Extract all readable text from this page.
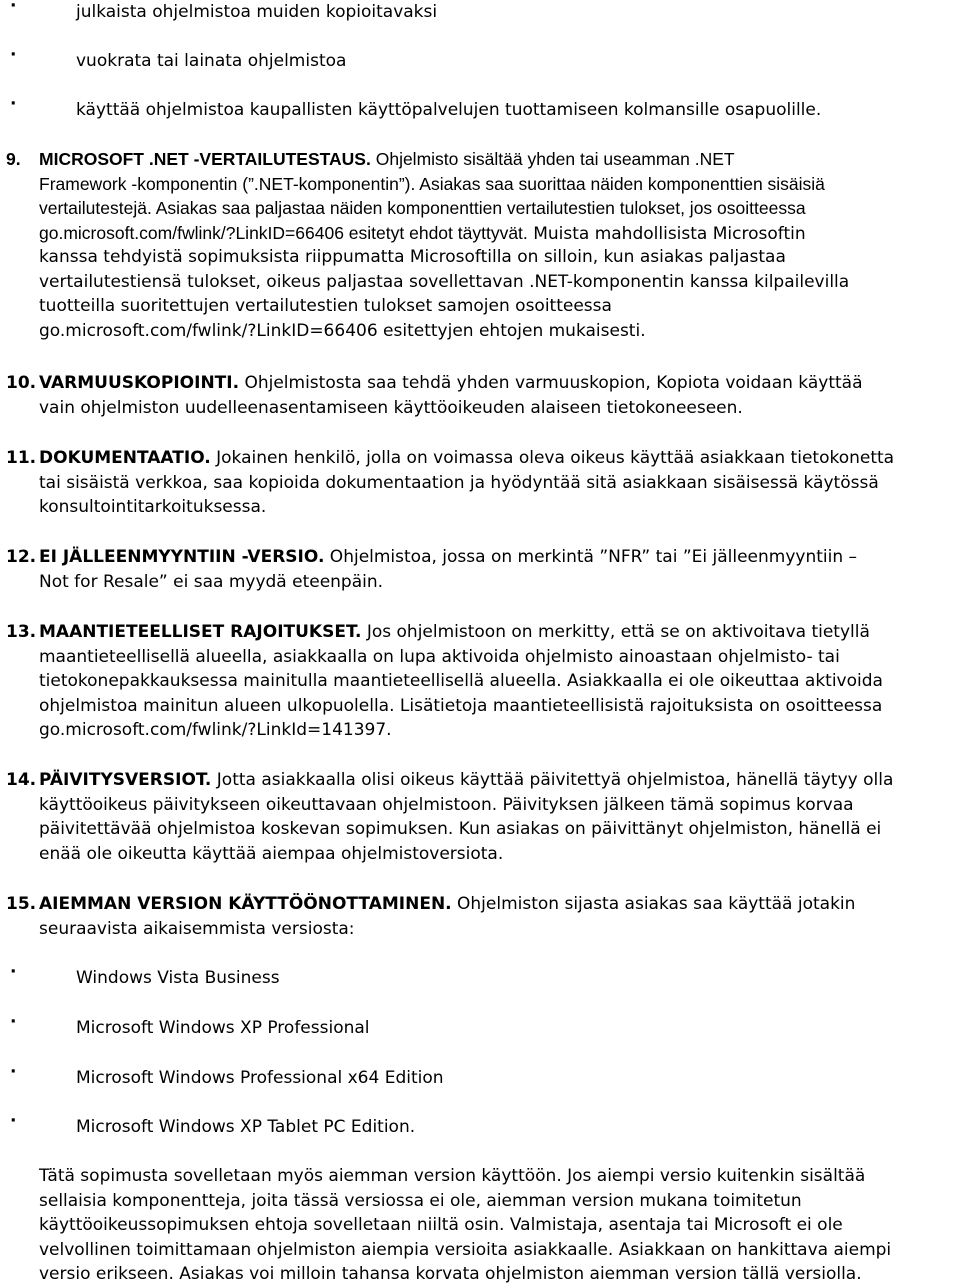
·	julkaista ohjelmistoa muiden kopioitavaksi
·	vuokrata tai lainata ohjelmistoa
·	käyttää ohjelmistoa kaupallisten käyttöpalvelujen tuottamiseen kolmansille osapuolille.
9. MICROSOFT .NET -VERTAILUTESTAUS. Ohjelmisto sisältää yhden tai useamman .NET
Framework -komponentin (”.NET-komponentin”). Asiakas saa suorittaa näiden komponenttien sisäisiä
vertailutestejä. Asiakas saa paljastaa näiden komponenttien vertailutestien tulokset, jos osoitteessa
go.microsoft.com/fwlink/?LinkID=66406 esitetyt ehdot täyttyvät. Muista mahdollisista Microsoftin
kanssa tehdyistä sopimuksista riippumatta Microsoftilla on silloin, kun asiakas paljastaa
vertailutestiensä tulokset, oikeus paljastaa sovellettavan .NET-komponentin kanssa kilpailevilla
tuotteilla suoritettujen vertailutestien tulokset samojen osoitteessa
go.microsoft.com/fwlink/?LinkID=66406 esitettyjen ehtojen mukaisesti.
10. VARMUUSKOPIOINTI. Ohjelmistosta saa tehdä yhden varmuuskopion, Kopiota voidaan käyttää
vain ohjelmiston uudelleenasentamiseen käyttöoikeuden alaiseen tietokoneeseen.
11. DOKUMENTAATIO. Jokainen henkilö, jolla on voimassa oleva oikeus käyttää asiakkaan tietokonetta
tai sisäistä verkkoa, saa kopioida dokumentaation ja hyödyntää sitä asiakkaan sisäisessä käytössä
konsultointitarkoituksessa.
12. EI JÄLLEENMYYNTIIN -VERSIO. Ohjelmistoa, jossa on merkintä ”NFR” tai ”Ei jälleenmyyntiin –
Not for Resale” ei saa myydä eteenpäin.
13. MAANTIETEELLISET RAJOITUKSET. Jos ohjelmistoon on merkitty, että se on aktivoitava tietyllä
maantieteellisellä alueella, asiakkaalla on lupa aktivoida ohjelmisto ainoastaan ohjelmisto- tai
tietokonepakkauksessa mainitulla maantieteellisellä alueella. Asiakkaalla ei ole oikeuttaa aktivoida
ohjelmistoa mainitun alueen ulkopuolella. Lisätietoja maantieteellisistä rajoituksista on osoitteessa
go.microsoft.com/fwlink/?LinkId=141397.
14. PÄIVITYSVERSIOT. Jotta asiakkaalla olisi oikeus käyttää päivitettyä ohjelmistoa, hänellä täytyy olla
käyttöoikeus päivitykseen oikeuttavaan ohjelmistoon. Päivityksen jälkeen tämä sopimus korvaa
päivitettävää ohjelmistoa koskevan sopimuksen. Kun asiakas on päivittänyt ohjelmiston, hänellä ei
enää ole oikeutta käyttää aiempaa ohjelmistoversiota.
15. AIEMMAN VERSION KÄYTTÖÖNOTTAMINEN. Ohjelmiston sijasta asiakas saa käyttää jotakin
seuraavista aikaisemmista versiosta:
·	Windows Vista Business
·	Microsoft Windows XP Professional
·	Microsoft Windows Professional x64 Edition
·	Microsoft Windows XP Tablet PC Edition.
Tätä sopimusta sovelletaan myös aiemman version käyttöön. Jos aiempi versio kuitenkin sisältää
sellaisia komponentteja, joita tässä versiossa ei ole, aiemman version mukana toimitetun
käyttöoikeussopimuksen ehtoja sovelletaan niiltä osin. Valmistaja, asentaja tai Microsoft ei ole
velvollinen toimittamaan ohjelmiston aiempia versioita asiakkaalle. Asiakkaan on hankittava aiempi
versio erikseen. Asiakas voi milloin tahansa korvata ohjelmiston aiemman version tällä versiolla.
